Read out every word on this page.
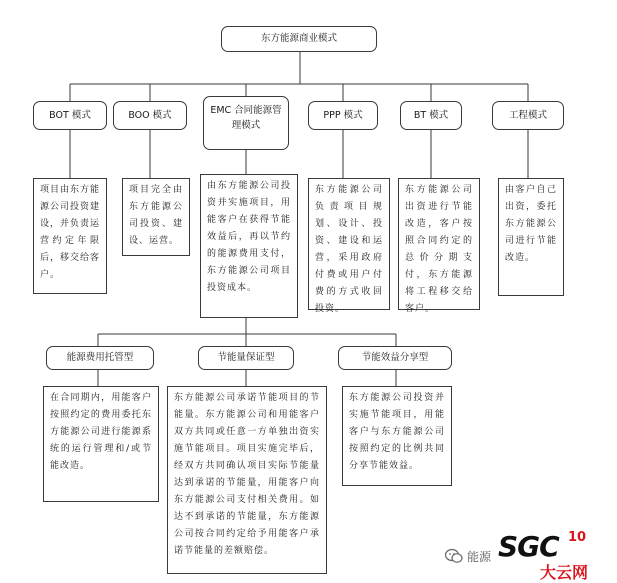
东方能源商业模式
BOT 模式	BOO 模式	EMC 合同能源管理模式
PPP 模式	BT 模式	工程模式
项目由东方能源公司投资建设，并负责运营约定年限后，移交给客户。
项目完全由东方能源公司投资、建设、运营。
由东方能源公司投资并实施项目，用能客户在获得节能效益后，再以节约的能源费用支付，东方能源公司项目投资成本。
东方能源公司负责项目规划、设计、投资、建设和运营，采用政府付费或用户付费的方式收回投资。
东方能源公司出资进行节能改造，客户按照合同约定的总价分期支付，东方能源将工程移交给客户。
由客户自己出资，委托东方能源公司进行节能改造。
能源费用托管型	节能量保证型	节能效益分享型
在合同期内，用能客户按照约定的费用委托东方能源公司进行能源系统的运行管理和/或节能改造。
东方能源公司承诺节能项目的节能量。东方能源公司和用能客户双方共同或任意一方单独出资实施节能项目。项目实施完毕后，经双方共同确认项目实际节能量达到承诺的节能量，用能客户向东方能源公司支付相关费用。如达不到承诺的节能量，东方能源公司按合同约定给予用能客户承诺节能量的差额赔偿。
东方能源公司投资并实施节能项目，用能客户与东方能源公司按照约定的比例共同分享节能效益。
能源 SGC 10
大云网
